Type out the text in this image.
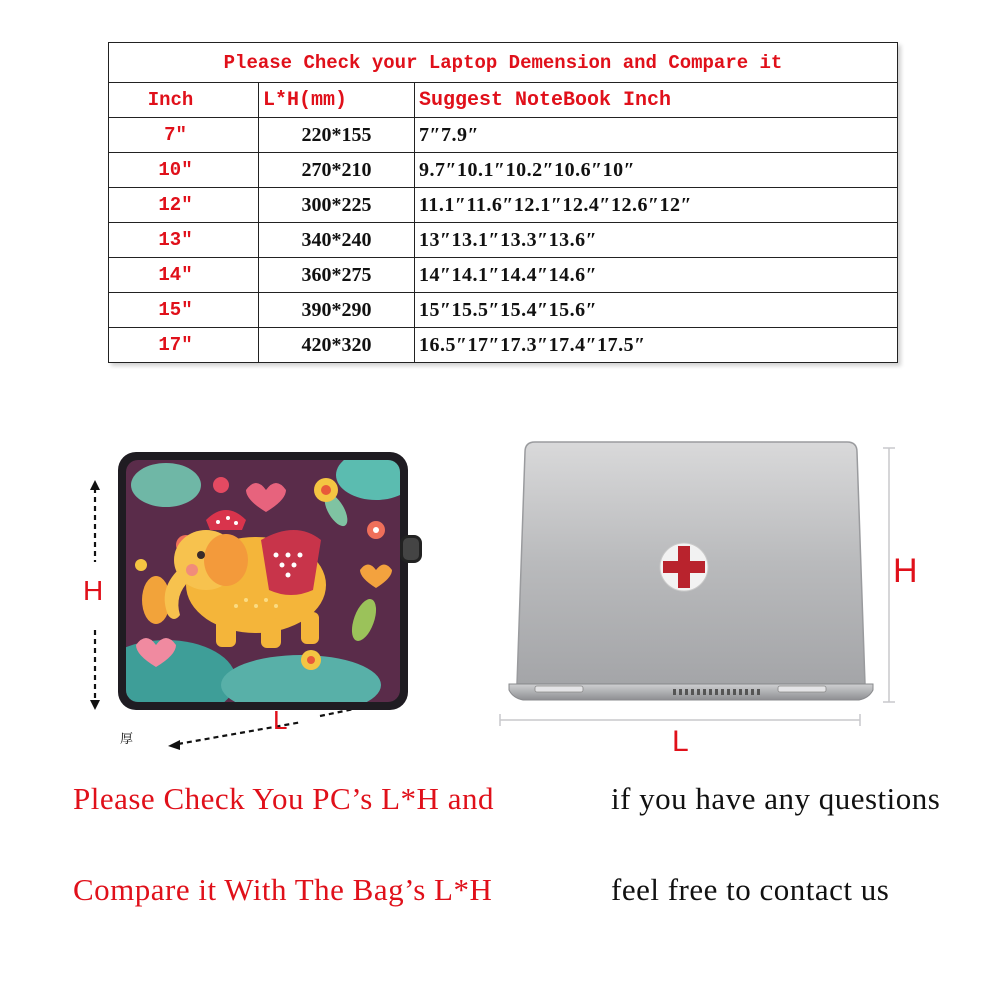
Please Check your Laptop Demension and Compare it		
Inch	L*H(mm)	Suggest NoteBook Inch
7″	220*155	7″7.9″
10″	270*210	9.7″10.1″10.2″10.6″10″
12″	300*225	11.1″11.6″12.1″12.4″12.6″12″
13″	340*240	13″13.1″13.3″13.6″
14″	360*275	14″14.1″14.4″14.6″
15″	390*290	15″15.5″15.4″15.6″
17″	420*320	16.5″17″17.3″17.4″17.5″
H
L
厚
H
L
Please Check You PC’s L*H and
Compare it With The Bag’s L*H
if you have any questions
feel free to contact us
